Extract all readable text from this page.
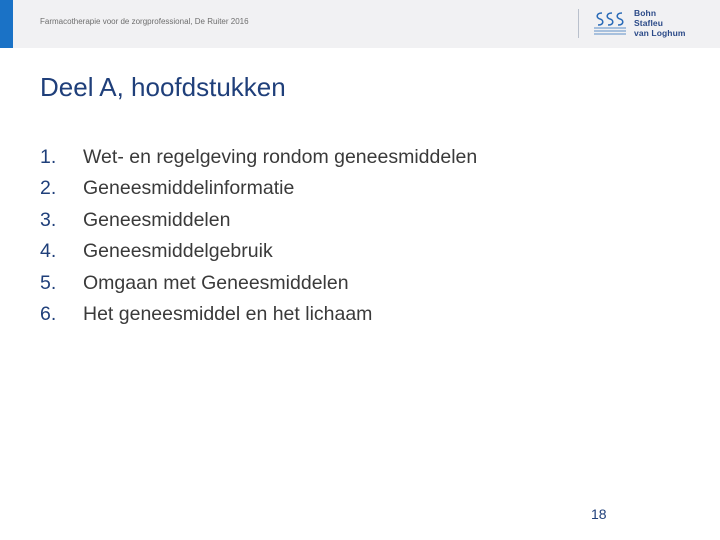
Farmacotherapie voor de zorgprofessional, De Ruiter 2016
Bohn
Stafleu
van Loghum
Deel A, hoofdstukken
1. Wet- en regelgeving rondom geneesmiddelen
2. Geneesmiddelinformatie
3. Geneesmiddelen
4. Geneesmiddelgebruik
5. Omgaan met Geneesmiddelen
6. Het geneesmiddel en het lichaam
18
